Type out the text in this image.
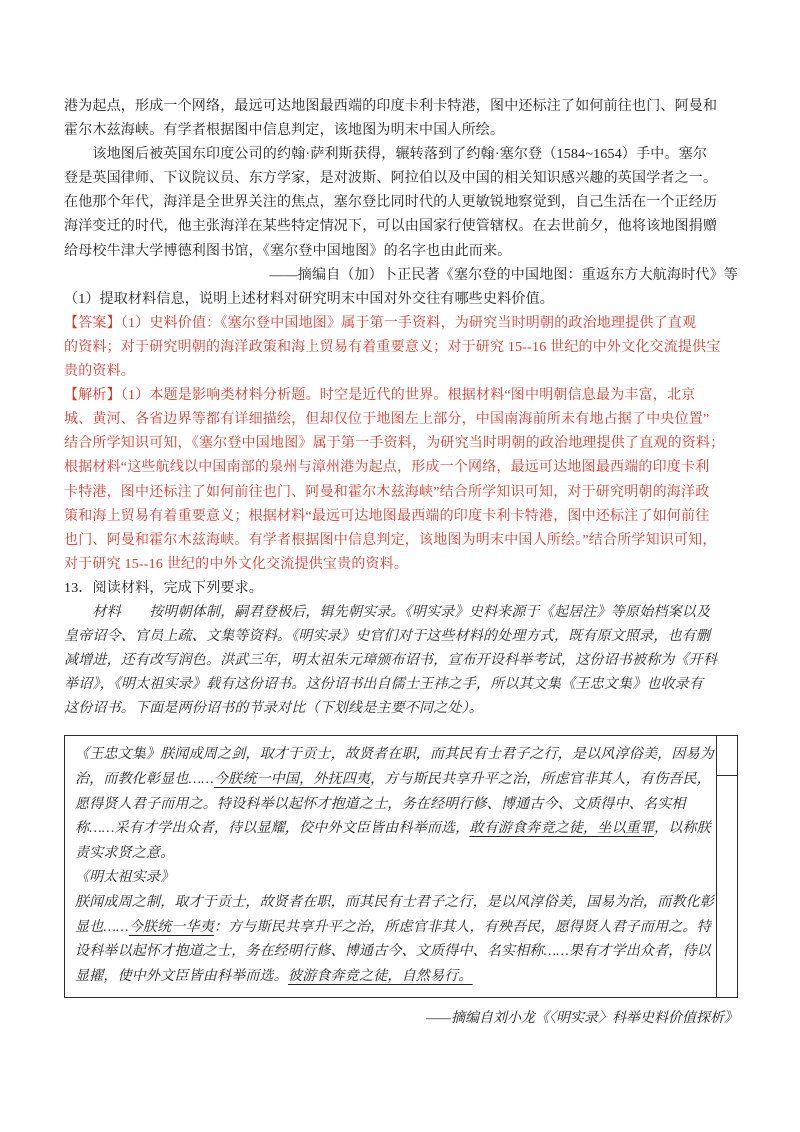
港为起点，形成一个网络，最远可达地图最西端的印度卡利卡特港，图中还标注了如何前往也门、阿曼和
霍尔木兹海峡。有学者根据图中信息判定，该地图为明末中国人所绘。
　　该地图后被英国东印度公司的约翰·萨利斯获得，辗转落到了约翰·塞尔登（1584~1654）手中。塞尔
登是英国律师、下议院议员、东方学家，是对波斯、阿拉伯以及中国的相关知识感兴趣的英国学者之一。
在他那个年代，海洋是全世界关注的焦点，塞尔登比同时代的人更敏锐地察觉到，自己生活在一个正经历
海洋变迁的时代，他主张海洋在某些特定情况下，可以由国家行使管辖权。在去世前夕，他将该地图捐赠
给母校牛津大学博德利图书馆，《塞尔登中国地图》的名字也由此而来。
——摘编自（加）卜正民著《塞尔登的中国地图：重返东方大航海时代》等
（1）提取材料信息，说明上述材料对研究明末中国对外交往有哪些史料价值。
【答案】（1）史料价值：《塞尔登中国地图》属于第一手资料，为研究当时明朝的政治地理提供了直观
的资料；对于研究明朝的海洋政策和海上贸易有着重要意义；对于研究 15--16 世纪的中外文化交流提供宝
贵的资料。
【解析】（1）本题是影响类材料分析题。时空是近代的世界。根据材料“图中明朝信息最为丰富，北京
城、黄河、各省边界等都有详细描绘，但却仅位于地图左上部分，中国南海前所未有地占据了中央位置”
结合所学知识可知，《塞尔登中国地图》属于第一手资料，为研究当时明朝的政治地理提供了直观的资料；
根据材料“这些航线以中国南部的泉州与漳州港为起点，形成一个网络，最远可达地图最西端的印度卡利
卡特港，图中还标注了如何前往也门、阿曼和霍尔木兹海峡”结合所学知识可知，对于研究明朝的海洋政
策和海上贸易有着重要意义；根据材料“最远可达地图最西端的印度卡利卡特港，图中还标注了如何前往
也门、阿曼和霍尔木兹海峡。有学者根据图中信息判定，该地图为明末中国人所绘。”结合所学知识可知，
对于研究 15--16 世纪的中外文化交流提供宝贵的资料。
13．阅读材料，完成下列要求。
　　材料　　按明朝体制，嗣君登极后，辑先朝实录。《明实录》史料来源于《起居注》等原始档案以及
皇帝诏令、官员上疏、文集等资料。《明实录》史官们对于这些材料的处理方式，既有原文照录，也有删
减增进，还有改写润色。洪武三年，明太祖朱元璋颁布诏书，宣布开设科举考试，这份诏书被称为《开科
举诏》，《明太祖实录》载有这份诏书。这份诏书出自儒士王祎之手，所以其文集《王忠文集》也收录有
这份诏书。下面是两份诏书的节录对比（下划线是主要不同之处）。
《王忠文集》朕闻成周之剑，取才于贡士，故贤者在职，而其民有士君子之行，是以风淳俗美，因易为
治，而教化彰显也……今朕统一中国，外抚四夷，方与斯民共享升平之治，所虑官非其人，有伤吾民，
愿得贤人君子而用之。特设科举以起怀才抱道之士，务在经明行修、博通古今、文质得中、名实相
称……采有才学出众者，待以显耀，佼中外文臣皆由科举而选，敢有游食奔竞之徒，坐以重罪，以称朕
责实求贤之意。
《明太祖实录》
朕闻成周之制，取才于贡士，故贤者在职，而其民有士君子之行，是以风淳俗美，国易为治，而教化彰
显也……今朕统一华夷：方与斯民共享升平之治，所虑官非其人，有殃吾民，愿得贤人君子而用之。特
设科举以起怀才抱道之士，务在经明行修、博通古今、文质得中、名实相称……果有才学出众者，待以
显擢，使中外文臣皆由科举而选。彼游食奔竞之徒，自然易行。
——摘编自刘小龙《〈明实录〉科举史料价值探析》
